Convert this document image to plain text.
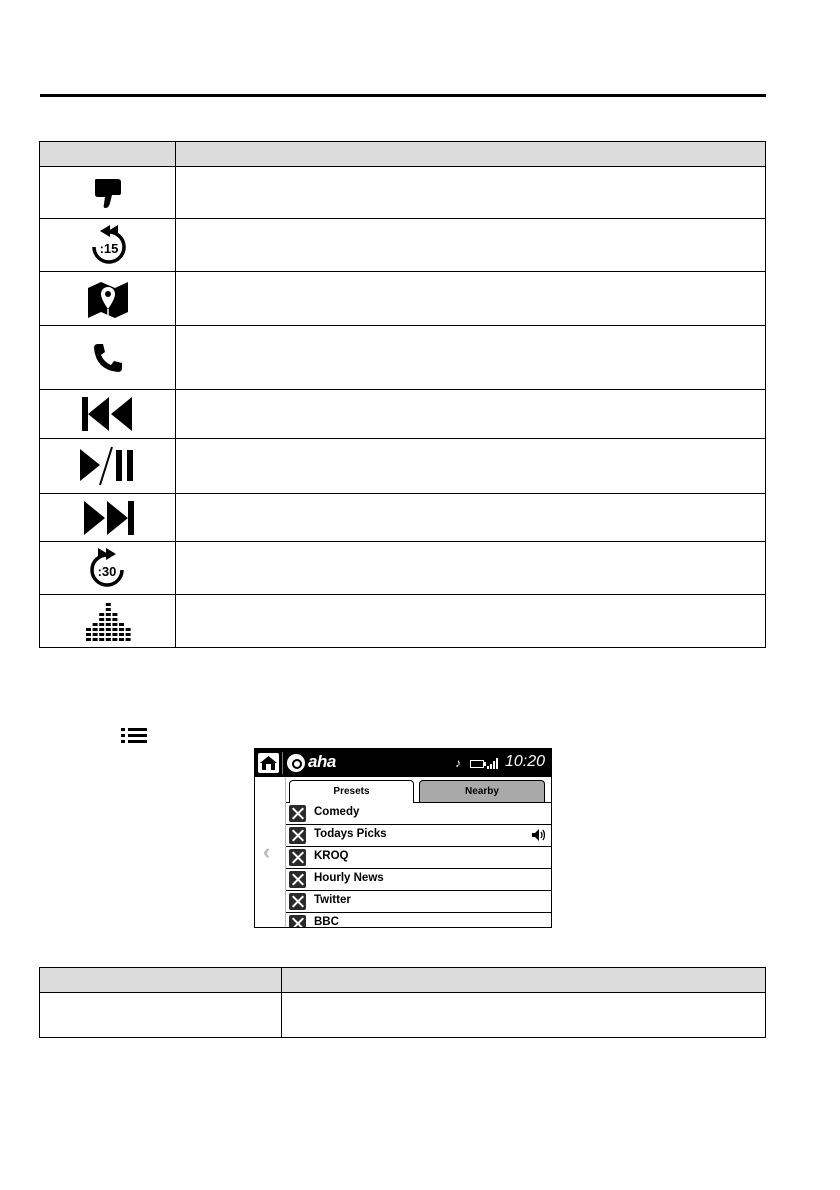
:15	

:30	

aha	♪	10:20
‹
Presets	Nearby
Comedy
Todays Picks
KROQ
Hourly News
Twitter
BBC
